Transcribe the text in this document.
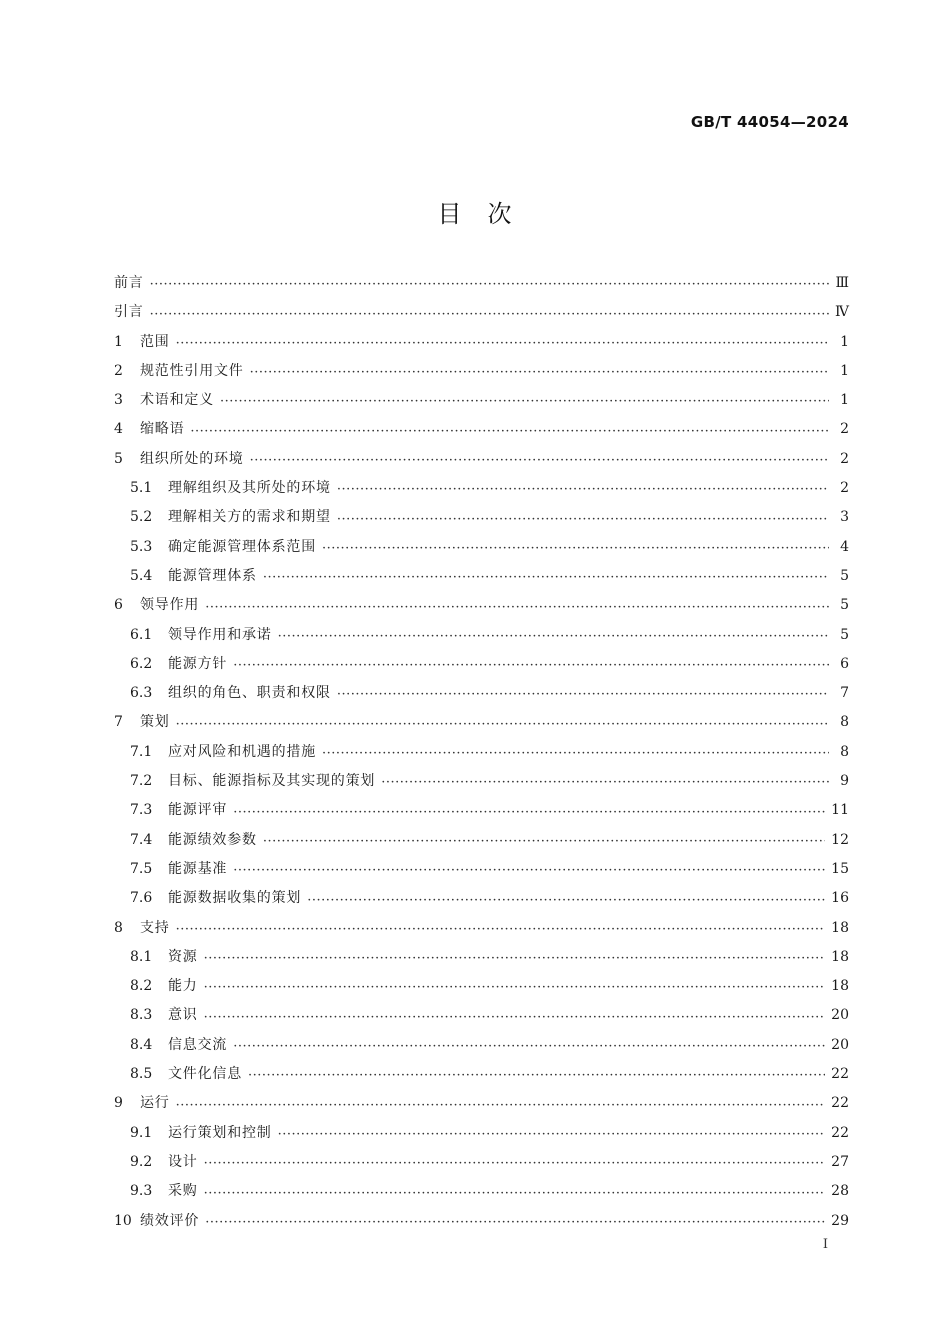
GB/T 44054—2024
目　次
前言 ·····	Ⅲ
引言 ·····	Ⅳ
1	范围 ·····	1
2	规范性引用文件 ·····	1
3	术语和定义 ·····	1
4	缩略语 ·····	2
5	组织所处的环境 ·····	2
5.1	理解组织及其所处的环境 ·····	2
5.2	理解相关方的需求和期望 ·····	3
5.3	确定能源管理体系范围 ·····	4
5.4	能源管理体系 ·····	5
6	领导作用 ·····	5
6.1	领导作用和承诺 ·····	5
6.2	能源方针 ·····	6
6.3	组织的角色、职责和权限 ·····	7
7	策划 ·····	8
7.1	应对风险和机遇的措施 ·····	8
7.2	目标、能源指标及其实现的策划 ·····	9
7.3	能源评审 ·····	11
7.4	能源绩效参数 ·····	12
7.5	能源基准 ·····	15
7.6	能源数据收集的策划 ·····	16
8	支持 ·····	18
8.1	资源 ·····	18
8.2	能力 ·····	18
8.3	意识 ·····	20
8.4	信息交流 ·····	20
8.5	文件化信息 ·····	22
9	运行 ·····	22
9.1	运行策划和控制 ·····	22
9.2	设计 ·····	27
9.3	采购 ·····	28
10 绩效评价 ·····	29
Ⅰ
